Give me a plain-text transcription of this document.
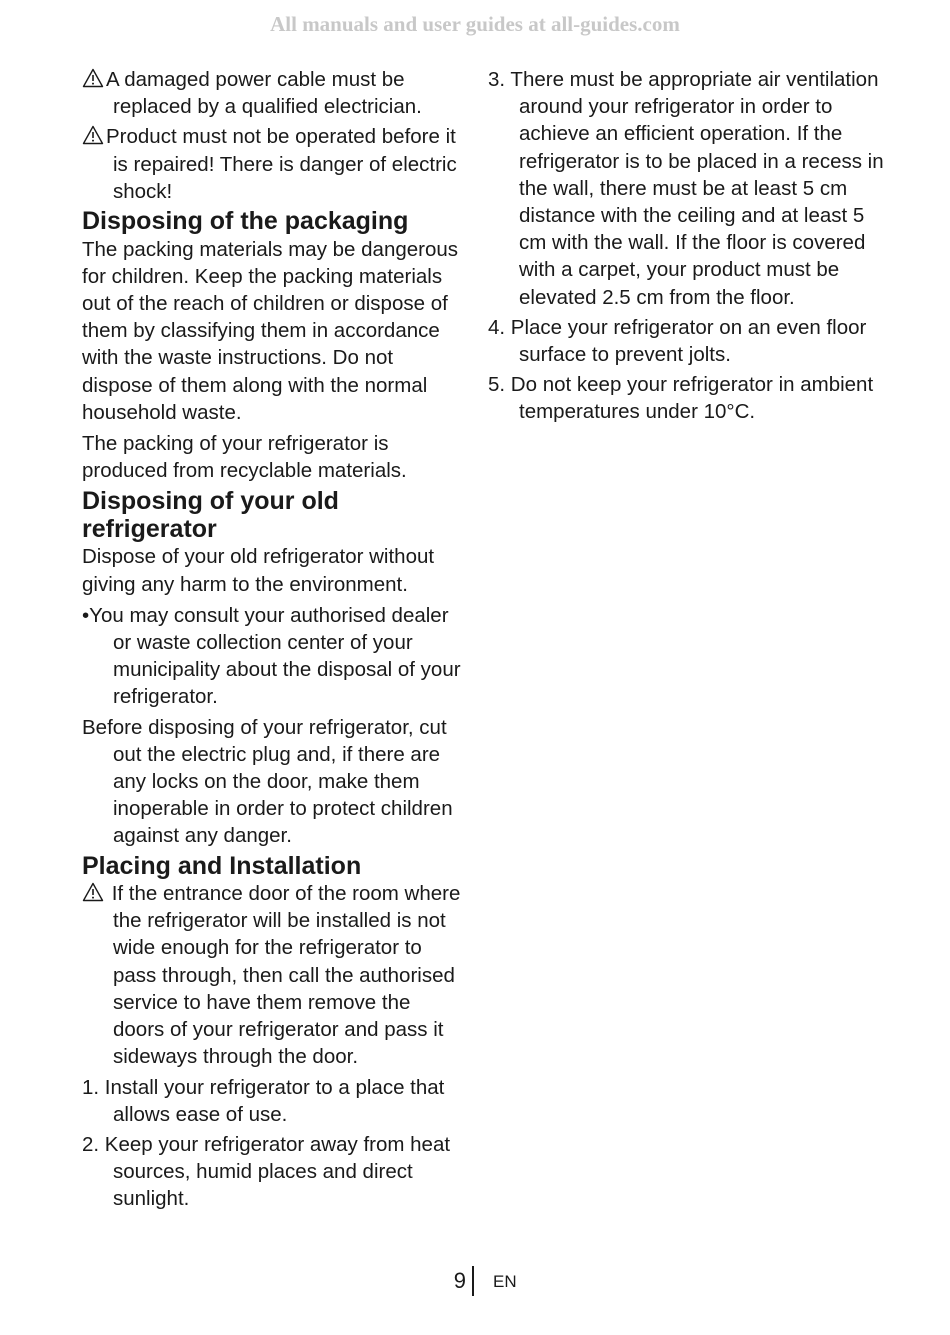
All manuals and user guides at all-guides.com

A damaged power cable must be replaced by a qualified electrician.

Product must not be operated before it is repaired! There is danger of electric shock!

Disposing of the packaging

The packing materials may be dangerous for children. Keep the packing materials out of the reach of children or dispose of them by classifying them in accordance with the waste instructions. Do not dispose of them along with the normal household waste.

The packing of your refrigerator is produced from recyclable materials.

Disposing of your old refrigerator

Dispose of your old refrigerator without giving any harm to the environment.

•You may consult your authorised dealer or waste collection center of your municipality about the disposal of your refrigerator.

Before disposing of your refrigerator, cut out the electric plug and, if there are any locks on the door, make them inoperable in order to protect children against any danger.

Placing and Installation

If the entrance door of the room where the refrigerator will be installed is not wide enough for the refrigerator to pass through, then call the authorised service to have them remove the doors of your refrigerator and pass it sideways through the door.

1. Install your refrigerator to a place that allows ease of use.

2. Keep your refrigerator away from heat sources, humid places and direct sunlight.

3. There must be appropriate air ventilation around your refrigerator in order to achieve an efficient operation. If the refrigerator is to be placed in a recess in the wall, there must be at least 5 cm distance with the ceiling and at least 5 cm with the wall. If the floor is covered with a carpet, your product must be elevated 2.5 cm from the floor.

4. Place your refrigerator on an even floor surface to prevent jolts.

5. Do not keep your refrigerator in ambient temperatures under 10°C.

9 EN
